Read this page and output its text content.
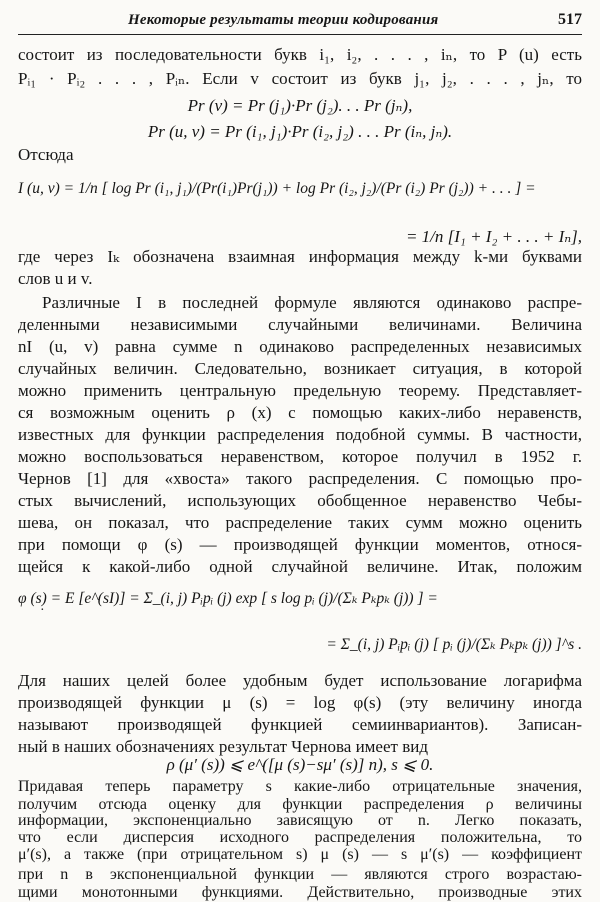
Некоторые результаты теории кодирования	517
состоит из последовательности букв i₁, i₂, . . . , iₙ, то P (u) есть
Pᵢ₁ · Pᵢ₂ . . . , Pᵢₙ. Если v состоит из букв j₁, j₂, . . . , jₙ, то
Pr (v) = Pr (j₁)·Pr (j₂). . . Pr (jₙ),
Pr (u, v) = Pr (i₁, j₁)·Pr (i₂, j₂) . . . Pr (iₙ, jₙ).
Отсюда
I (u, v) = 1/n [ log Pr (i₁, j₁)/(Pr(i₁)Pr(j₁)) + log Pr (i₂, j₂)/(Pr (i₂) Pr (j₂)) + . . . ] =
= 1/n [I₁ + I₂ + . . . + Iₙ],
где через Iₖ обозначена взаимная информация между k-ми буквами
слов u и v.
Различные I в последней формуле являются одинаково распре-
деленными независимыми случайными величинами. Величина
nI (u, v) равна сумме n одинаково распределенных независимых
случайных величин. Следовательно, возникает ситуация, в которой
можно применить центральную предельную теорему. Представляет-
ся возможным оценить ρ (x) с помощью каких-либо неравенств,
известных для функции распределения подобной суммы. В частности,
можно воспользоваться неравенством, которое получил в 1952 г.
Чернов [1] для «хвоста» такого распределения. С помощью про-
стых вычислений, использующих обобщенное неравенство Чебы-
шева, он показал, что распределение таких сумм можно оценить
при помощи φ (s) — производящей функции моментов, относя-
щейся к какой-либо одной случайной величине. Итак, положим
φ (s) = E [e^(sI)] = Σ_(i, j) Pᵢpᵢ (j) exp [ s log pᵢ (j)/(Σₖ Pₖpₖ (j)) ] =
·
= Σ_(i, j) Pᵢpᵢ (j) [ pᵢ (j)/(Σₖ Pₖpₖ (j)) ]^s .
Для наших целей более удобным будет использование логарифма
производящей функции μ (s) = log φ(s) (эту величину иногда
называют производящей функцией семиинвариантов). Записан-
ный в наших обозначениях результат Чернова имеет вид
ρ (μ′ (s)) ⩽ e^([μ (s)−sμ′ (s)] n), s ⩽ 0.
Придавая теперь параметру s какие-либо отрицательные значения,
получим отсюда оценку для функции распределения ρ величины
информации, экспоненциально зависящую от n. Легко показать,
что если дисперсия исходного распределения положительна, то
μ′(s), а также (при отрицательном s) μ (s) — s μ′(s) — коэффициент
при n в экспоненциальной функции — являются строго возрастаю-
щими монотонными функциями. Действительно, производные этих
